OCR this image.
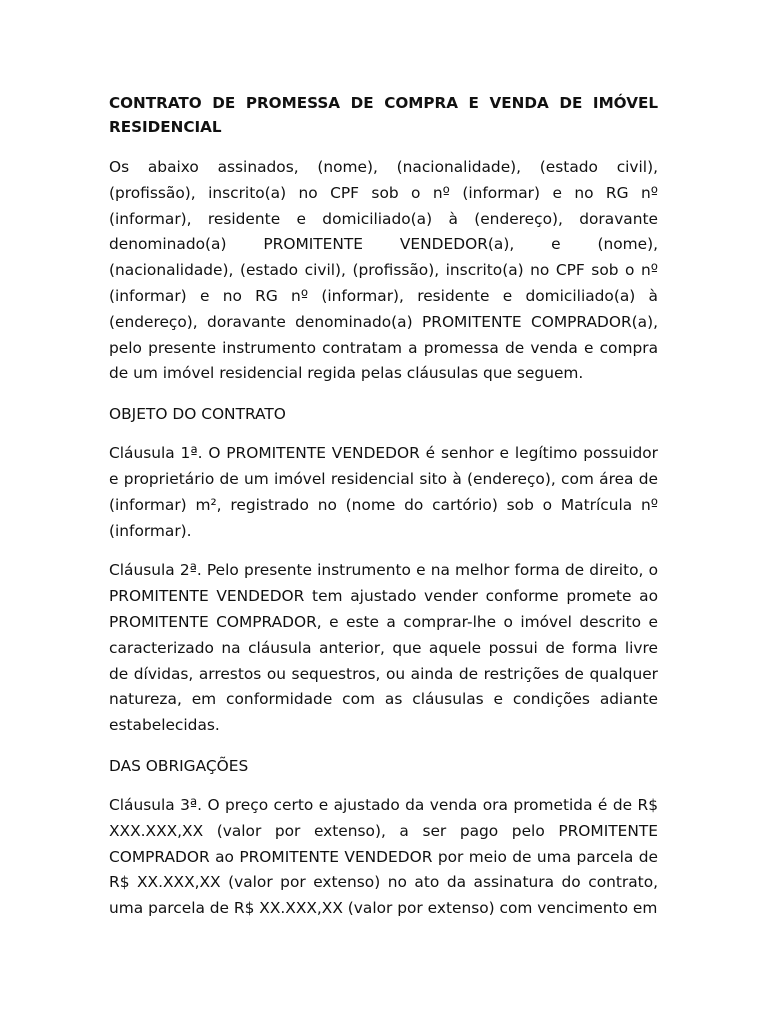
CONTRATO DE PROMESSA DE COMPRA E VENDA DE IMÓVEL RESIDENCIAL
Os abaixo assinados, (nome), (nacionalidade), (estado civil), (profissão), inscrito(a) no CPF sob o nº (informar) e no RG nº (informar), residente e domiciliado(a) à (endereço), doravante denominado(a) PROMITENTE VENDEDOR(a), e (nome), (nacionalidade), (estado civil), (profissão), inscrito(a) no CPF sob o nº (informar) e no RG nº (informar), residente e domiciliado(a) à (endereço), doravante denominado(a) PROMITENTE COMPRADOR(a), pelo presente instrumento contratam a promessa de venda e compra de um imóvel residencial regida pelas cláusulas que seguem.
OBJETO DO CONTRATO
Cláusula 1ª. O PROMITENTE VENDEDOR é senhor e legítimo possuidor e proprietário de um imóvel residencial sito à (endereço), com área de (informar) m², registrado no (nome do cartório) sob o Matrícula nº (informar).
Cláusula 2ª. Pelo presente instrumento e na melhor forma de direito, o PROMITENTE VENDEDOR tem ajustado vender conforme promete ao PROMITENTE COMPRADOR, e este a comprar-lhe o imóvel descrito e caracterizado na cláusula anterior, que aquele possui de forma livre de dívidas, arrestos ou sequestros, ou ainda de restrições de qualquer natureza, em conformidade com as cláusulas e condições adiante estabelecidas.
DAS OBRIGAÇÕES
Cláusula 3ª. O preço certo e ajustado da venda ora prometida é de R$ XXX.XXX,XX (valor por extenso), a ser pago pelo PROMITENTE COMPRADOR ao PROMITENTE VENDEDOR por meio de uma parcela de R$ XX.XXX,XX (valor por extenso) no ato da assinatura do contrato, uma parcela de R$ XX.XXX,XX (valor por extenso) com vencimento em
